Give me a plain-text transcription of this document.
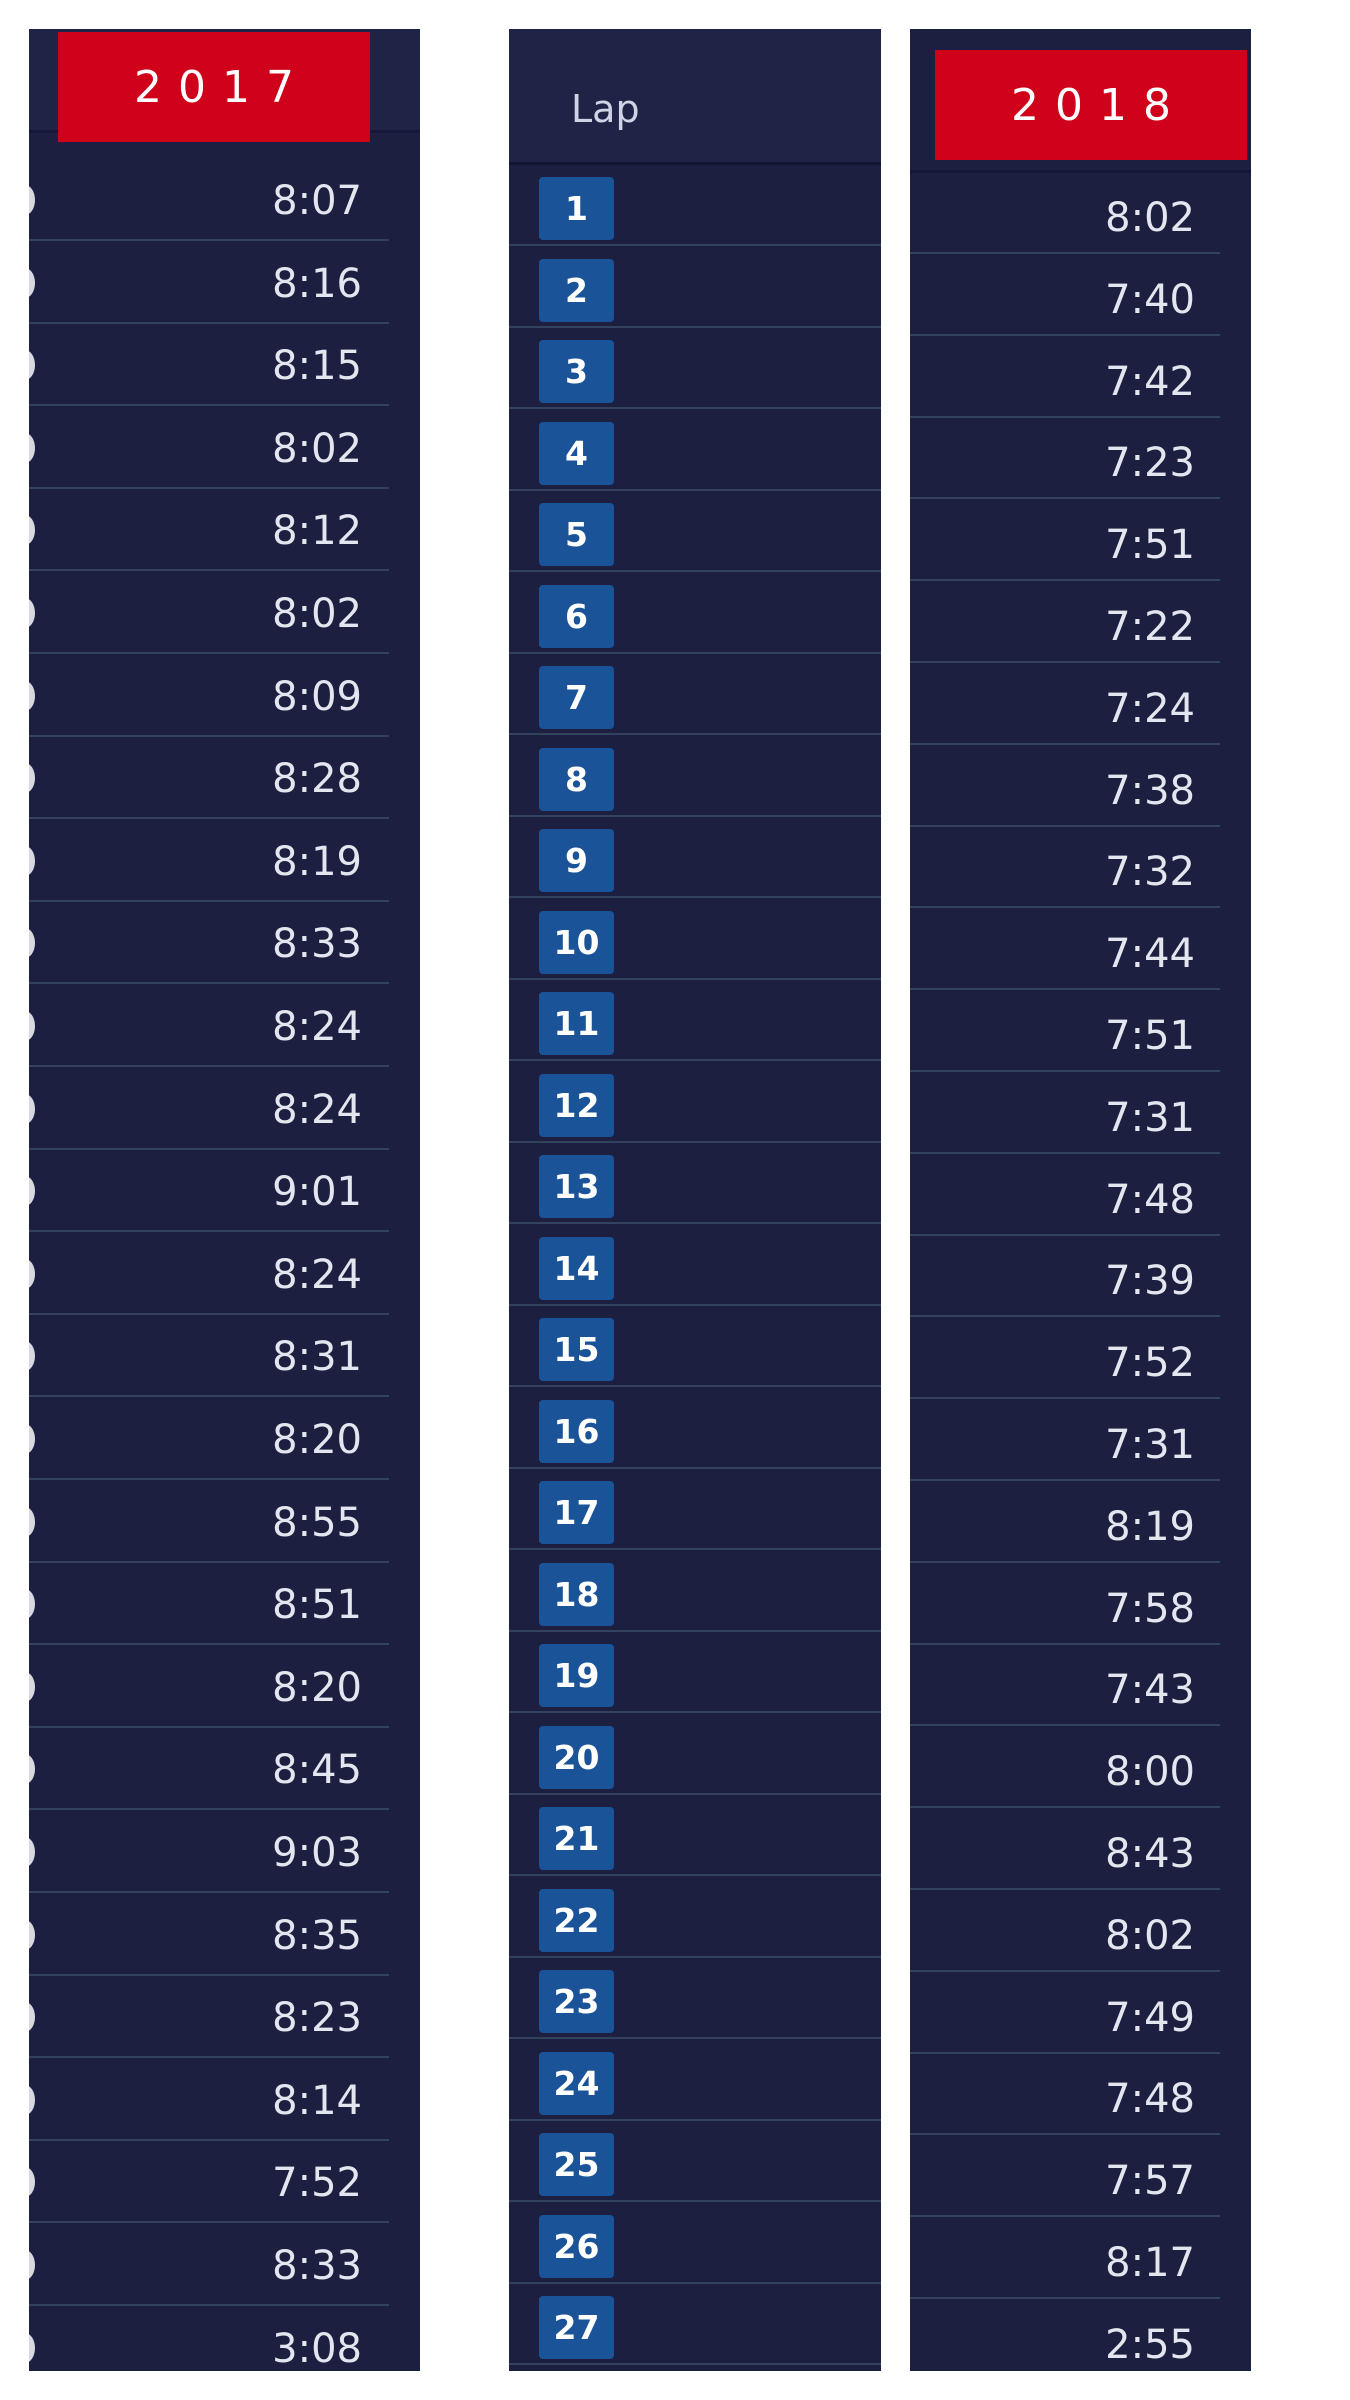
2017
8:07
8:16
8:15
8:02
8:12
8:02
8:09
8:28
8:19
8:33
8:24
8:24
9:01
8:24
8:31
8:20
8:55
8:51
8:20
8:45
9:03
8:35
8:23
8:14
7:52
8:33
3:08
Lap
1
2
3
4
5
6
7
8
9
10
11
12
13
14
15
16
17
18
19
20
21
22
23
24
25
26
27
2018
8:02
7:40
7:42
7:23
7:51
7:22
7:24
7:38
7:32
7:44
7:51
7:31
7:48
7:39
7:52
7:31
8:19
7:58
7:43
8:00
8:43
8:02
7:49
7:48
7:57
8:17
2:55
